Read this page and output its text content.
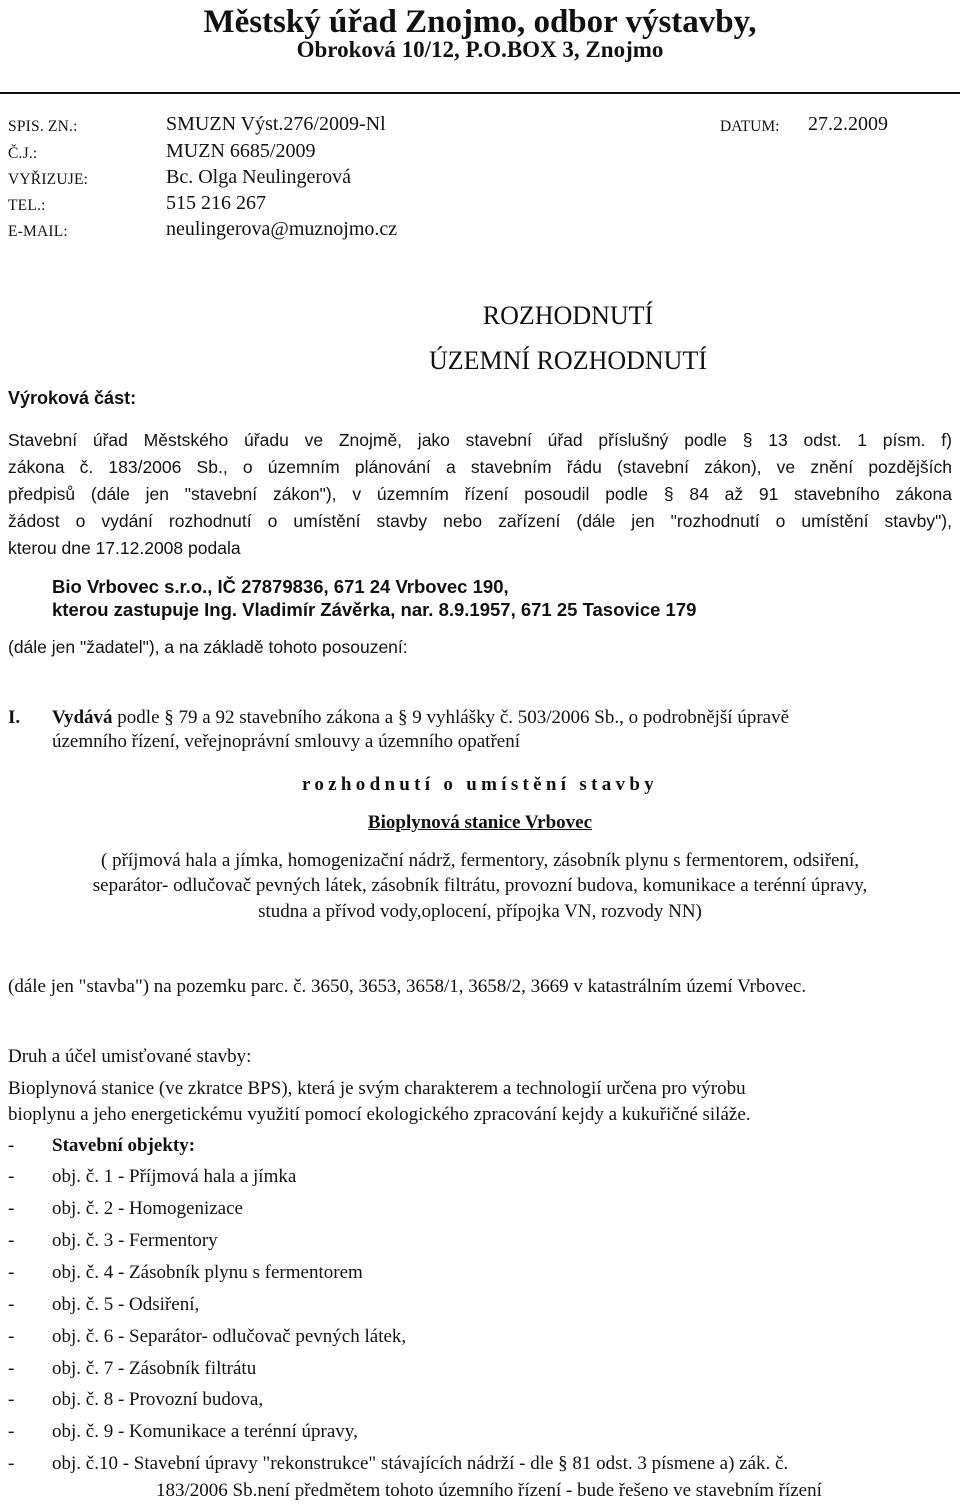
Městský úřad Znojmo, odbor výstavby,
Obroková 10/12, P.O.BOX 3, Znojmo
SPIS. ZN.:	SMUZN Výst.276/2009-Nl	DATUM: 27.2.2009
Č.J.:	MUZN 6685/2009
VYŘIZUJE:	Bc. Olga Neulingerová
TEL.:	515 216 267
E-MAIL:	neulingerova@muznojmo.cz
ROZHODNUTÍ
ÚZEMNÍ ROZHODNUTÍ
Výroková část:
Stavební úřad Městského úřadu ve Znojmě, jako stavební úřad příslušný podle § 13 odst. 1 písm. f)
zákona č. 183/2006 Sb., o územním plánování a stavebním řádu (stavební zákon), ve znění pozdějších
předpisů (dále jen "stavební zákon"), v územním řízení posoudil podle § 84 až 91 stavebního zákona
žádost o vydání rozhodnutí o umístění stavby nebo zařízení (dále jen "rozhodnutí o umístění stavby"),
kterou dne 17.12.2008 podala
Bio Vrbovec s.r.o., IČ 27879836, 671 24 Vrbovec 190,
kterou zastupuje Ing. Vladimír Závěrka, nar. 8.9.1957, 671 25 Tasovice 179
(dále jen "žadatel"), a na základě tohoto posouzení:
I. Vydává podle § 79 a 92 stavebního zákona a § 9 vyhlášky č. 503/2006 Sb., o podrobnější úpravě
územního řízení, veřejnoprávní smlouvy a územního opatření
rozhodnutí o umístění stavby
Bioplynová stanice Vrbovec
( příjmová hala a jímka, homogenizační nádrž, fermentory, zásobník plynu s fermentorem, odsiření,
separátor- odlučovač pevných látek, zásobník filtrátu, provozní budova, komunikace a terénní úpravy,
studna a přívod vody,oplocení, přípojka VN, rozvody NN)
(dále jen "stavba") na pozemku parc. č. 3650, 3653, 3658/1, 3658/2, 3669 v katastrálním území Vrbovec.
Druh a účel umisťované stavby:
Bioplynová stanice (ve zkratce BPS), která je svým charakterem a technologií určena pro výrobu
bioplynu a jeho energetickému využití pomocí ekologického zpracování kejdy a kukuřičné siláže.
- Stavební objekty:
- obj. č. 1 - Příjmová hala a jímka
- obj. č. 2 - Homogenizace
- obj. č. 3 - Fermentory
- obj. č. 4 - Zásobník plynu s fermentorem
- obj. č. 5 - Odsiření,
- obj. č. 6 - Separátor- odlučovač pevných látek,
- obj. č. 7 - Zásobník filtrátu
- obj. č. 8 - Provozní budova,
- obj. č. 9 - Komunikace a terénní úpravy,
- obj. č.10 - Stavební úpravy "rekonstrukce" stávajících nádrží - dle § 81 odst. 3 písmene a) zák. č.
183/2006 Sb.není předmětem tohoto územního řízení - bude řešeno ve stavebním řízení
